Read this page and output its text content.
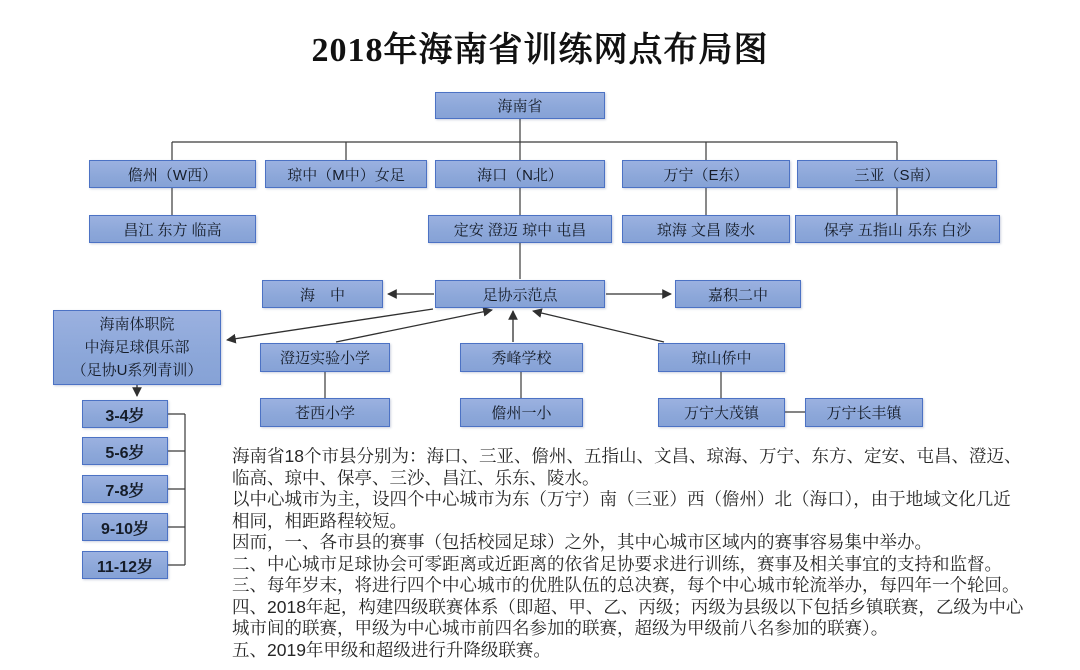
2018年海南省训练网点布局图
海南省
儋州（W西）	琼中（M中）女足	海口（N北）	万宁（E东）	三亚（S南）
昌江 东方 临高	定安 澄迈 琼中 屯昌	琼海 文昌 陵水	保亭 五指山 乐东 白沙
海　中	足协示范点	嘉积二中
海南体职院
中海足球俱乐部
（足协U系列青训）
澄迈实验小学	秀峰学校	琼山侨中
苍西小学	儋州一小	万宁大茂镇	万宁长丰镇
3-4岁
5-6岁
7-8岁
9-10岁
11-12岁
海南省18个市县分别为：海口、三亚、儋州、五指山、文昌、琼海、万宁、东方、定安、屯昌、澄迈、
临高、琼中、保亭、三沙、昌江、乐东、陵水。
以中心城市为主，设四个中心城市为东（万宁）南（三亚）西（儋州）北（海口），由于地域文化几近
相同，相距路程较短。
因而，一、各市县的赛事（包括校园足球）之外，其中心城市区域内的赛事容易集中举办。
二、中心城市足球协会可零距离或近距离的依省足协要求进行训练，赛事及相关事宜的支持和监督。
三、每年岁末，将进行四个中心城市的优胜队伍的总决赛，每个中心城市轮流举办，每四年一个轮回。
四、2018年起，构建四级联赛体系（即超、甲、乙、丙级；丙级为县级以下包括乡镇联赛，乙级为中心
城市间的联赛，甲级为中心城市前四名参加的联赛，超级为甲级前八名参加的联赛）。
五、2019年甲级和超级进行升降级联赛。
